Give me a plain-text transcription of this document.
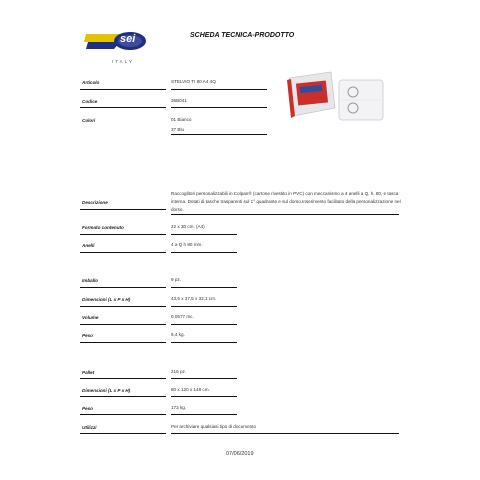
sei
ITALY
SCHEDA TECNICA-PRODOTTO
Articolo	STELVIO TI 80 A4 4Q
Codice	36B041
Colori	01 Bianco
37 Blu
Descrizione
Raccoglitori personalizzabili in Colpan® (cartone rivestito in PVC) con meccanismo a 4 anelli a Q, h. 80, e tasca interna. Dotati di tasche trasparenti sul 1° quadrante e sul dorso.Inserimento facilitato della personalizzazione nel dorso.
Formato contenuto	22 x 30 cm. (A4)
Anelli	4 a Q h 80 mm.
Imballo	9 pz.
Dimensioni (L x P x H)	43,5 x 37,5 x 32,1 cm.
Volume	0,0577 mc.
Peso	6,4 kg.
Pallet	216 pz.
Dimensioni (L x P x H)	80 x 120 x 148 cm.
Peso	173 kg.
Utilizzi	Per archiviare qualsiasi tipo di documento
07/06/2019
